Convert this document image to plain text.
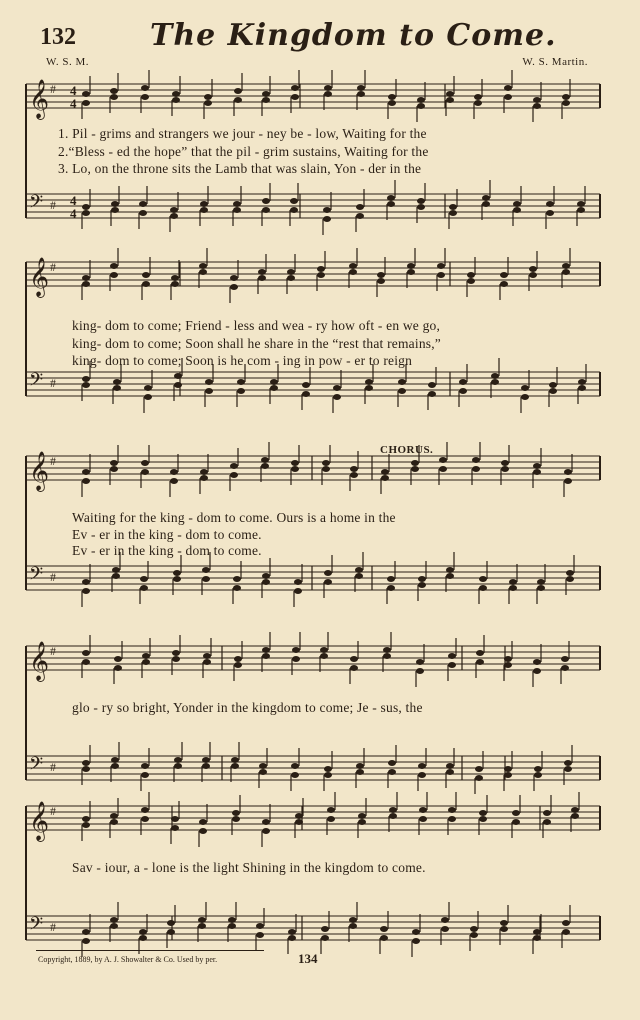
𝄞 #
𝄢 #
𝄞 #
𝄢 #
𝄞 #
𝄢 #
𝄞 #
𝄢 #
𝄞 #
𝄢 #
4
4
4
4
132 The Kingdom to Come.
W. S. M.	W. S. Martin.
1. Pil - grims and strangers we jour - ney be - low, Waiting for the
2.“Bless - ed the hope” that the pil - grim sustains, Waiting for the
3. Lo, on the throne sits the Lamb that was slain, Yon - der in the
king- dom to come; Friend - less and wea - ry how oft - en we go,
king- dom to come; Soon shall he share in the “rest that remains,”
king- dom to come; Soon is he com - ing in pow - er to reign
CHORUS.
Waiting for the king - dom to come. Ours is a home in the
Ev - er in the king - dom to come.
Ev - er in the king - dom to come.
glo - ry so bright, Yonder in the kingdom to come; Je - sus, the
Sav - iour, a - lone is the light Shining in the kingdom to come.
Copyright, 1889, by A. J. Showalter & Co. Used by per.	134
